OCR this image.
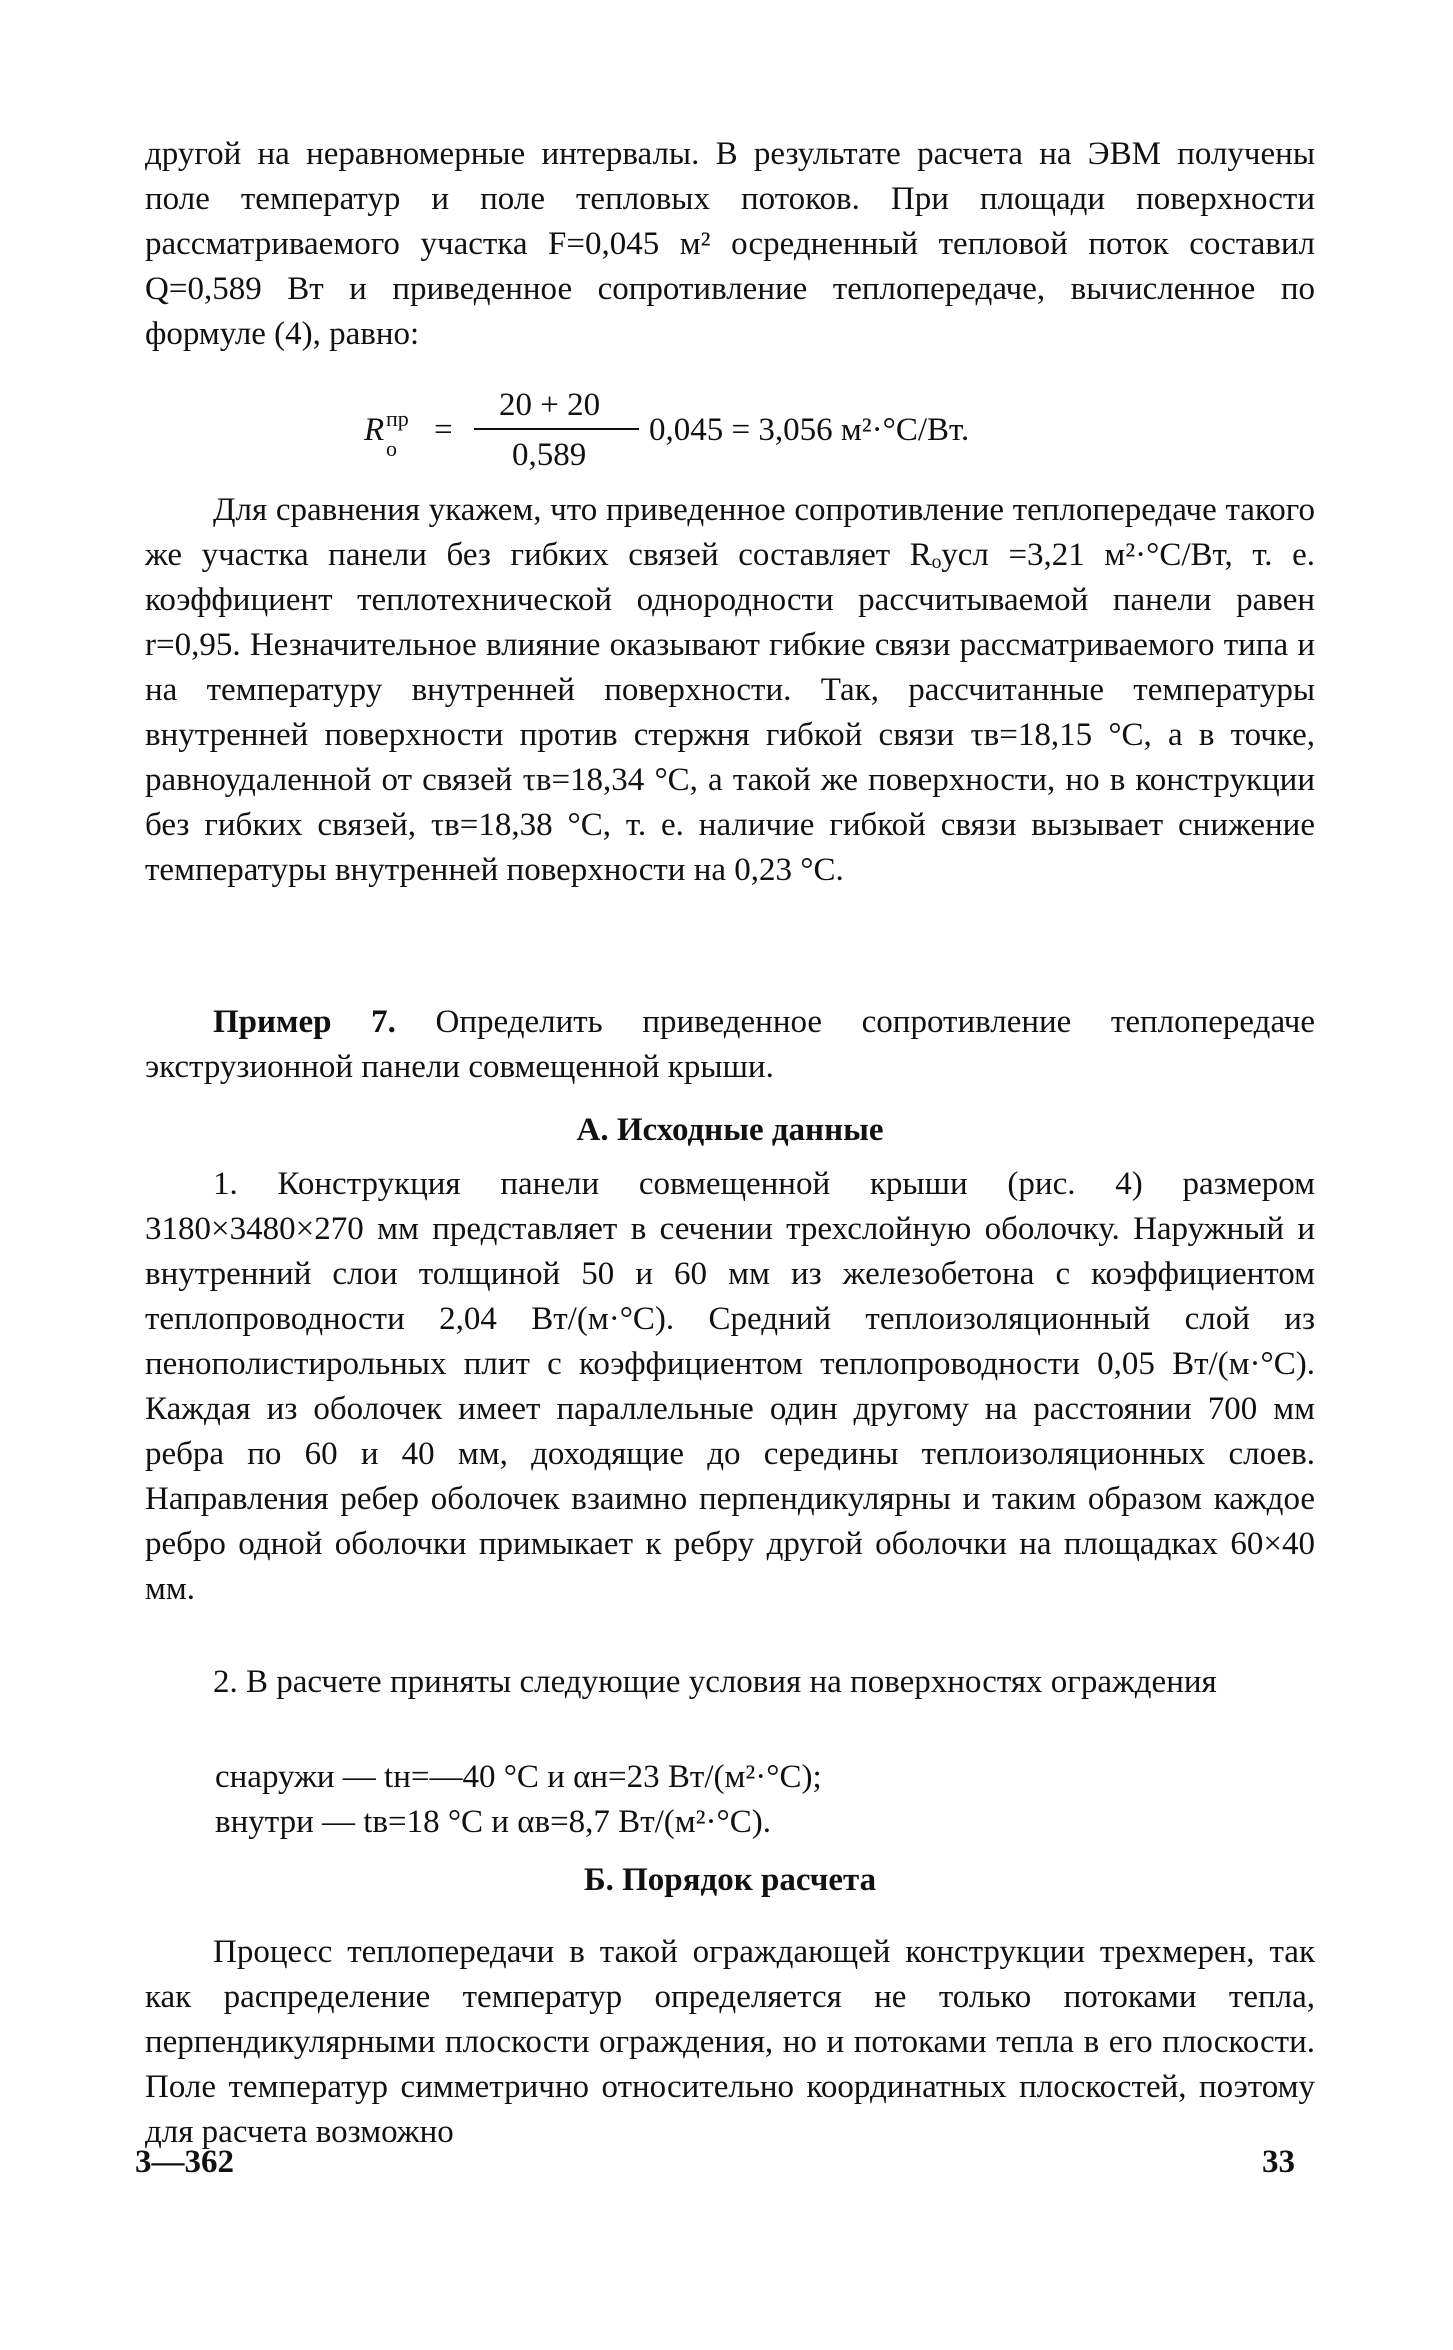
другой на неравномерные интервалы. В результате расчета на ЭВМ получены поле температур и поле тепловых потоков. При площади поверхности рассматриваемого участка F=0,045 м² осредненный тепловой поток составил Q=0,589 Вт и приведенное сопротивление теплопередаче, вычисленное по формуле (4), равно:

R пр
о
=
20 + 20
0,589
0,045 = 3,056 м²·°С/Вт.

Для сравнения укажем, что приведенное сопротивление теплопередаче такого же участка панели без гибких связей составляет Rₒусл =3,21 м²·°С/Вт, т. е. коэффициент теплотехнической однородности рассчитываемой панели равен r=0,95. Незначительное влияние оказывают гибкие связи рассматриваемого типа и на температуру внутренней поверхности. Так, рассчитанные температуры внутренней поверхности против стержня гибкой связи τв=18,15 °С, а в точке, равноудаленной от связей τв=18,34 °С, а такой же поверхности, но в конструкции без гибких связей, τв=18,38 °С, т. е. наличие гибкой связи вызывает снижение температуры внутренней поверхности на 0,23 °С.

Пример 7. Определить приведенное сопротивление теплопередаче экструзионной панели совмещенной крыши.

А. Исходные данные

1. Конструкция панели совмещенной крыши (рис. 4) размером 3180×3480×270 мм представляет в сечении трехслойную оболочку. Наружный и внутренний слои толщиной 50 и 60 мм из железобетона с коэффициентом теплопроводности 2,04 Вт/(м·°С). Средний теплоизоляционный слой из пенополистирольных плит с коэффициентом теплопроводности 0,05 Вт/(м·°С). Каждая из оболочек имеет параллельные один другому на расстоянии 700 мм ребра по 60 и 40 мм, доходящие до середины теплоизоляционных слоев. Направления ребер оболочек взаимно перпендикулярны и таким образом каждое ребро одной оболочки примыкает к ребру другой оболочки на площадках 60×40 мм.

2. В расчете приняты следующие условия на поверхностях ограждения

снаружи — tн=—40 °С и αн=23 Вт/(м²·°С);
внутри — tв=18 °С и αв=8,7 Вт/(м²·°С).
Б. Порядок расчета

Процесс теплопередачи в такой ограждающей конструкции трехмерен, так как распределение температур определяется не только потоками тепла, перпендикулярными плоскости ограждения, но и потоками тепла в его плоскости. Поле температур симметрично относительно координатных плоскостей, поэтому для расчета возможно

3—362	33
